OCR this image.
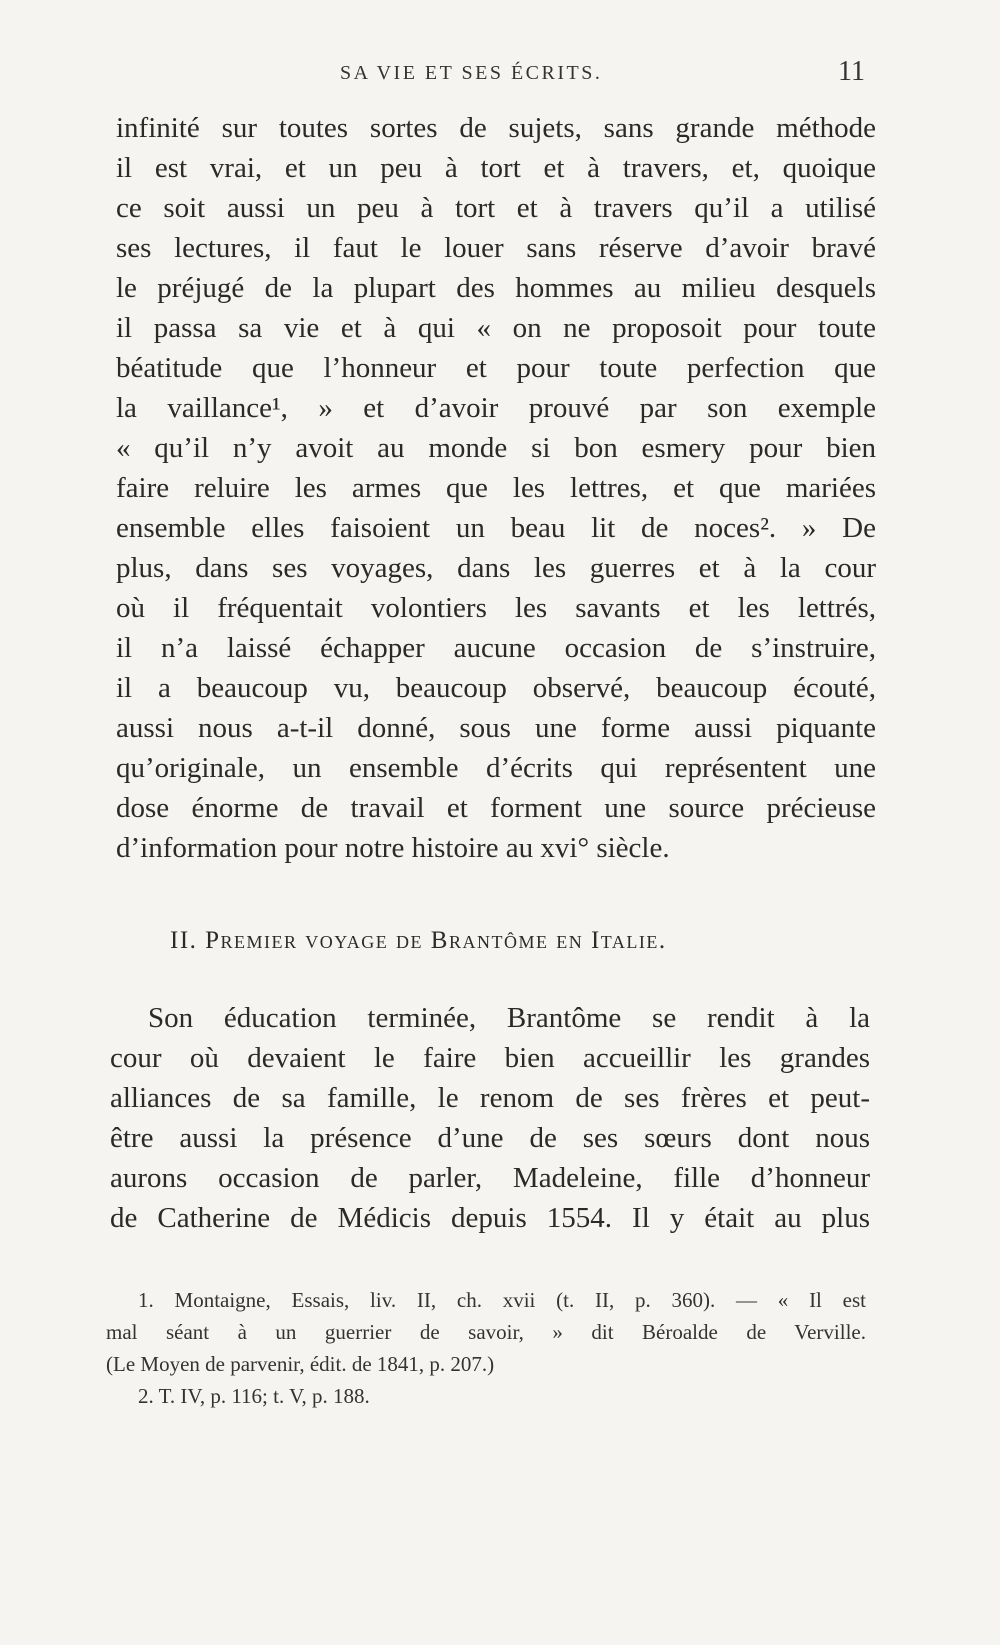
SA VIE ET SES ÉCRITS.	11
infinité sur toutes sortes de sujets, sans grande méthode
il est vrai, et un peu à tort et à travers, et, quoique
ce soit aussi un peu à tort et à travers qu’il a utilisé
ses lectures, il faut le louer sans réserve d’avoir bravé
le préjugé de la plupart des hommes au milieu desquels
il passa sa vie et à qui « on ne proposoit pour toute
béatitude que l’honneur et pour toute perfection que
la vaillance¹, » et d’avoir prouvé par son exemple
« qu’il n’y avoit au monde si bon esmery pour bien
faire reluire les armes que les lettres, et que mariées
ensemble elles faisoient un beau lit de noces². » De
plus, dans ses voyages, dans les guerres et à la cour
où il fréquentait volontiers les savants et les lettrés,
il n’a laissé échapper aucune occasion de s’instruire,
il a beaucoup vu, beaucoup observé, beaucoup écouté,
aussi nous a-t-il donné, sous une forme aussi piquante
qu’originale, un ensemble d’écrits qui représentent une
dose énorme de travail et forment une source précieuse
d’information pour notre histoire au xvi° siècle.
II. Premier voyage de Brantôme en Italie.
Son éducation terminée, Brantôme se rendit à la
cour où devaient le faire bien accueillir les grandes
alliances de sa famille, le renom de ses frères et peut-
être aussi la présence d’une de ses sœurs dont nous
aurons occasion de parler, Madeleine, fille d’honneur
de Catherine de Médicis depuis 1554. Il y était au plus
1. Montaigne, Essais, liv. II, ch. xvii (t. II, p. 360). — « Il est
mal séant à un guerrier de savoir, » dit Béroalde de Verville.
(Le Moyen de parvenir, édit. de 1841, p. 207.)
2. T. IV, p. 116; t. V, p. 188.
